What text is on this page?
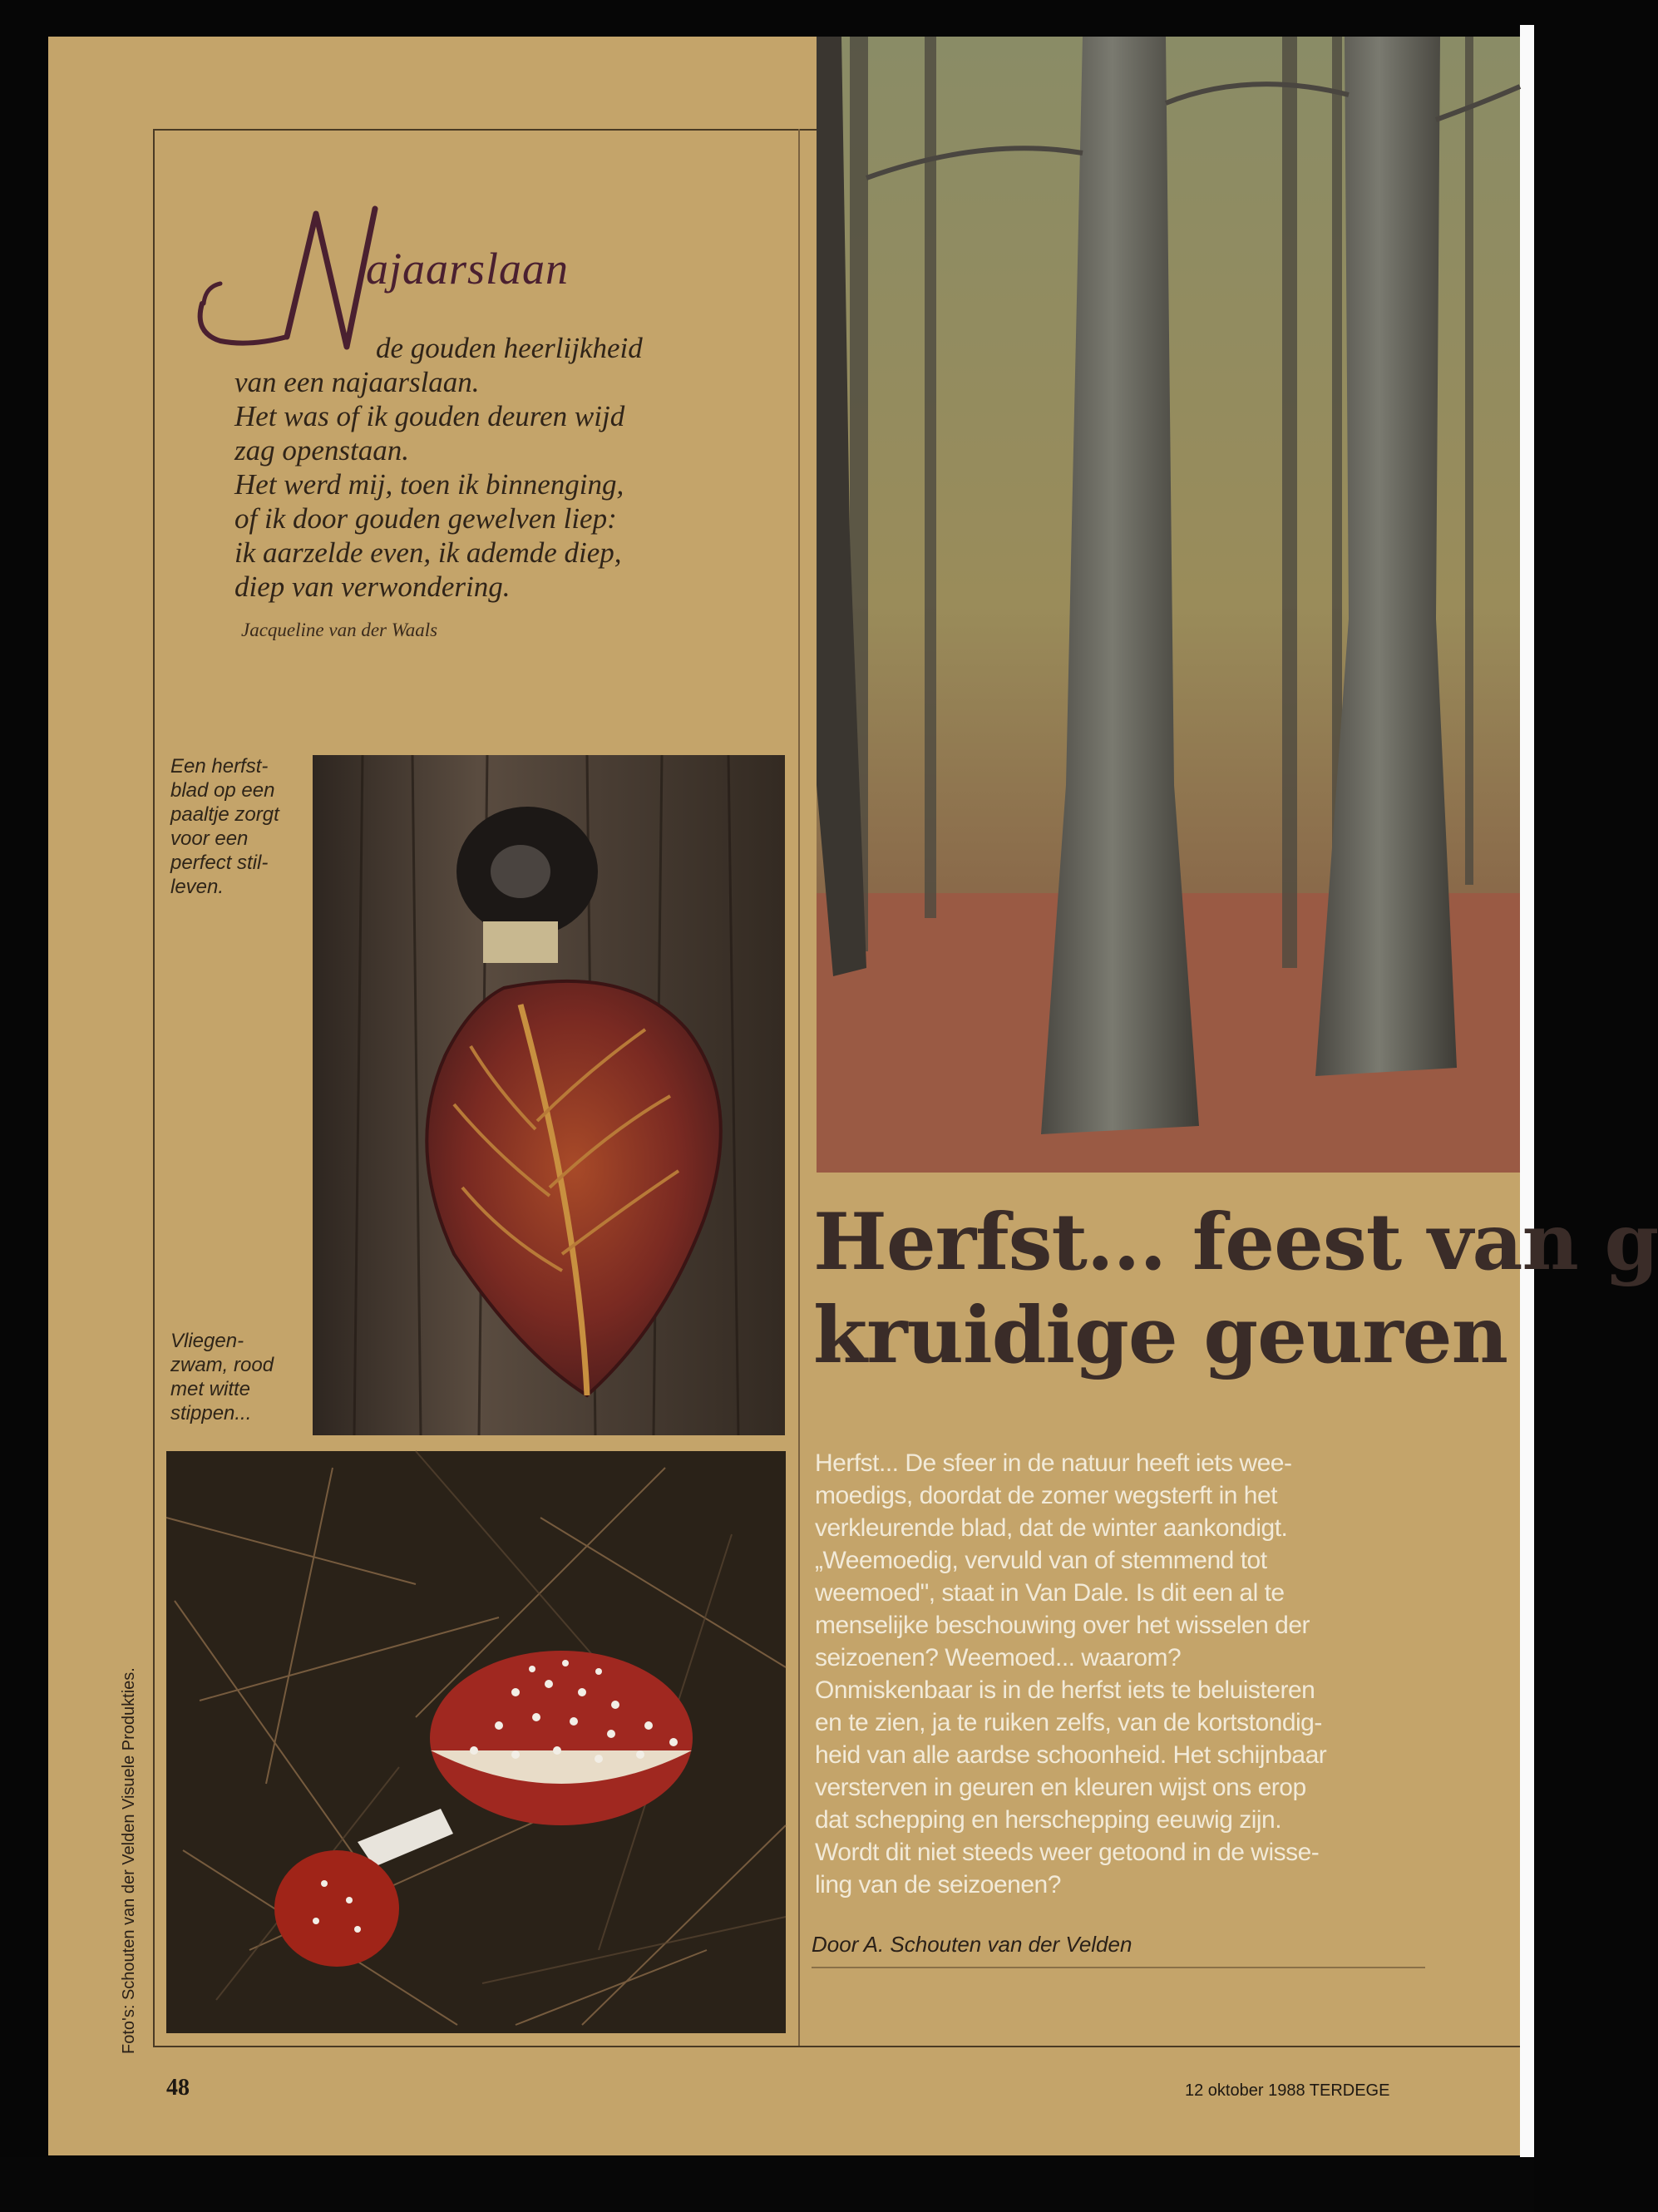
ajaarslaan
de gouden heerlijkheid
van een najaarslaan.
Het was of ik gouden deuren wijd
zag openstaan.
Het werd mij, toen ik binnenging,
of ik door gouden gewelven liep:
ik aarzelde even, ik ademde diep,
diep van verwondering.
Jacqueline van der Waals
Een herfst-
blad op een
paaltje zorgt
voor een
perfect stil-
leven.
Vliegen-
zwam, rood
met witte
stippen...
Herfst... feest van g
kruidige geuren
Herfst... De sfeer in de natuur heeft iets wee-
moedigs, doordat de zomer wegsterft in het
verkleurende blad, dat de winter aankondigt.
„Weemoedig, vervuld van of stemmend tot
weemoed", staat in Van Dale. Is dit een al te
menselijke beschouwing over het wisselen der
seizoenen? Weemoed... waarom?
Onmiskenbaar is in de herfst iets te beluisteren
en te zien, ja te ruiken zelfs, van de kortstondig-
heid van alle aardse schoonheid. Het schijnbaar
versterven in geuren en kleuren wijst ons erop
dat schepping en herschepping eeuwig zijn.
Wordt dit niet steeds weer getoond in de wisse-
ling van de seizoenen?
Door A. Schouten van der Velden
Foto's: Schouten van der Velden Visuele Produkties.
48	12 oktober 1988 TERDEGE
